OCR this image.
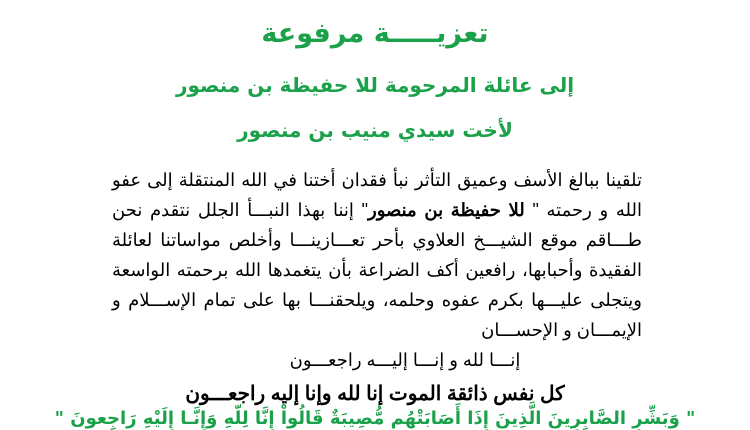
تعزيـــــة مرفوعة
إلى عائلة المرحومة للا حفيظة بن منصور
لأخت سيدي منيب بن منصور

تلقينا ببالغ الأسف وعميق التأثر نبأ فقدان أختنا في الله المنتقلة إلى عفو الله و رحمته " للا حفيظة بن منصور" إننا بهذا النبـــأ الجلل نتقدم نحن طـــاقم موقع الشيـــخ العلاوي بأحر تعـــازينـــا وأخلص مواساتنا لعائلة الفقيدة وأحبابها، رافعين أكف الضراعة بأن يتغمدها الله برحمته الواسعة ويتجلى عليـــها بكرم عفوه وحلمه، ويلحقنـــا بها على تمام الإســـلام و الإيمـــان و الإحســـان

إنـــا لله و إنـــا إليـــه راجعـــون

كل نفس ذائقة الموت إنا لله وإنا إليه راجعـــون

" وَبَشِّرِ الصَّابِرِينَ الَّذِينَ إِذَا أَصَابَتْهُم مُّصِيبَةٌ قَالُواْ إِنَّا لِلّهِ وَإِنَّـا إِلَيْهِ رَاجِعونَ "
